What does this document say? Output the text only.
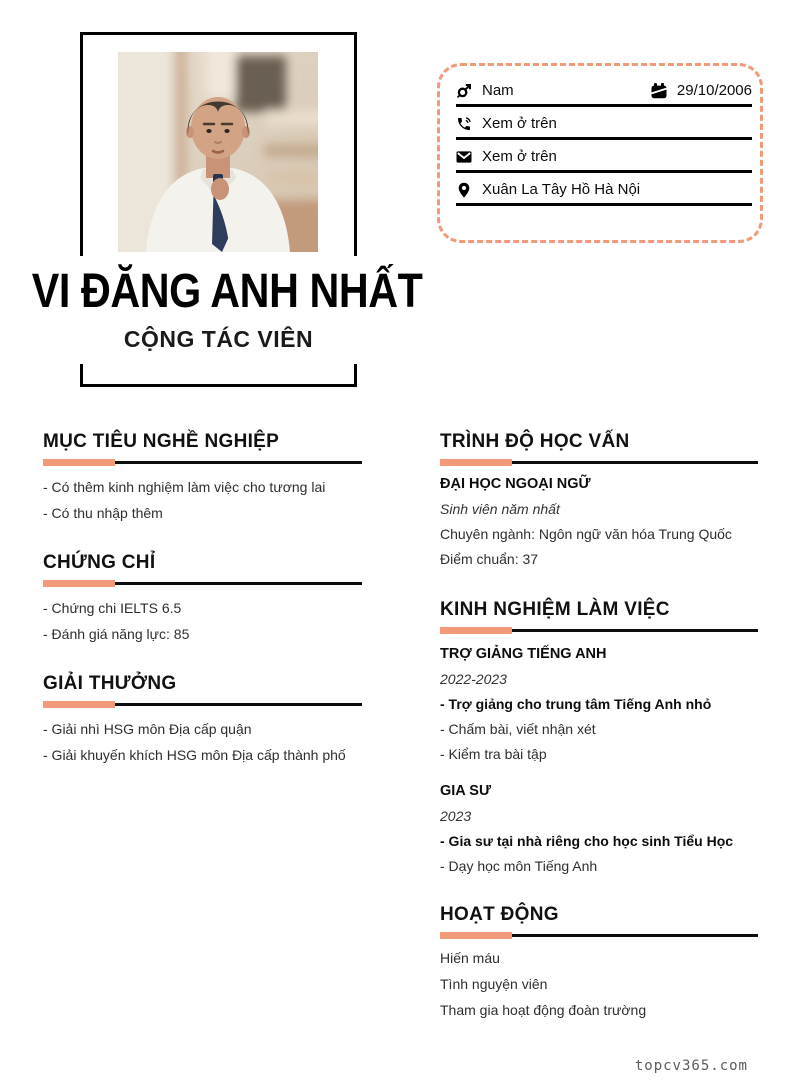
VI ĐĂNG ANH NHẤT
CỘNG TÁC VIÊN
Nam	29/10/2006
Xem ở trên
Xem ở trên
Xuân La Tây Hồ Hà Nội
MỤC TIÊU NGHỀ NGHIỆP
- Có thêm kinh nghiệm làm việc cho tương lai
- Có thu nhập thêm
CHỨNG CHỈ
- Chứng chi IELTS 6.5
- Đánh giá năng lực: 85
GIẢI THƯỞNG
- Giải nhì HSG môn Địa cấp quận
- Giải khuyến khích HSG môn Địa cấp thành phố
TRÌNH ĐỘ HỌC VẤN
ĐẠI HỌC NGOẠI NGỮ
Sinh viên năm nhất
Chuyên ngành: Ngôn ngữ văn hóa Trung Quốc
Điểm chuẩn: 37
KINH NGHIỆM LÀM VIỆC
TRỢ GIẢNG TIẾNG ANH
2022-2023
- Trợ giảng cho trung tâm Tiếng Anh nhỏ
- Chấm bài, viết nhận xét
- Kiểm tra bài tập
GIA SƯ
2023
- Gia sư tại nhà riêng cho học sinh Tiểu Học
- Dạy học môn Tiếng Anh
HOẠT ĐỘNG
Hiến máu
Tình nguyện viên
Tham gia hoạt động đoàn trường
topcv365.com
